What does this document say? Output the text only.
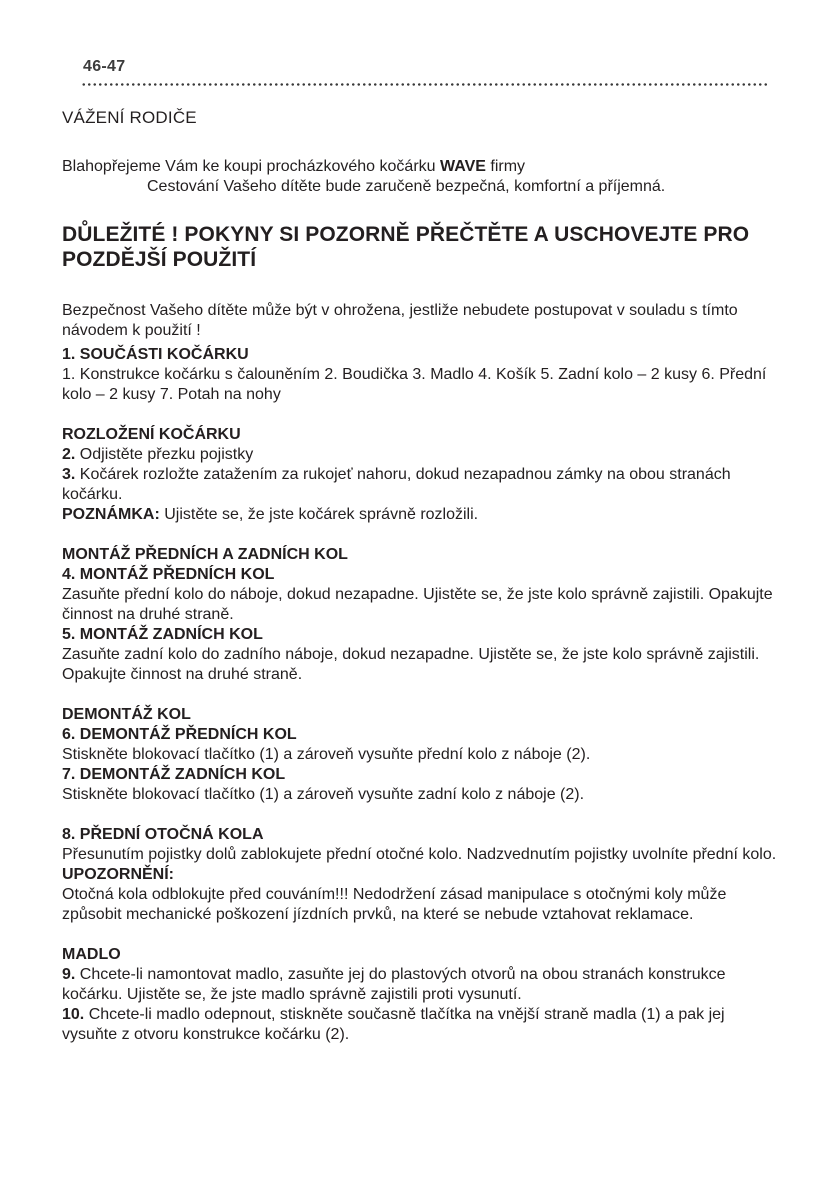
46-47

VÁŽENÍ RODIČE

Blahopřejeme Vám ke koupi procházkového kočárku WAVE firmy

Cestování Vašeho dítěte bude zaručeně bezpečná, komfortní a příjemná.

DŮLEŽITÉ ! POKYNY SI POZORNĚ PŘEČTĚTE A USCHOVEJTE PRO POZDĚJŠÍ POUŽITÍ

Bezpečnost Vašeho dítěte může být v ohrožena, jestliže nebudete postupovat v souladu s tímto návodem k použití !

1. SOUČÁSTI KOČÁRKU

1. Konstrukce kočárku s čalouněním 2. Boudička 3. Madlo 4. Košík 5. Zadní kolo – 2 kusy 6. Přední kolo – 2 kusy 7. Potah na nohy

ROZLOŽENÍ KOČÁRKU

2. Odjistěte přezku pojistky

3. Kočárek rozložte zatažením za rukojeť nahoru, dokud nezapadnou zámky na obou stranách kočárku.

POZNÁMKA: Ujistěte se, že jste kočárek správně rozložili.

MONTÁŽ PŘEDNÍCH A ZADNÍCH KOL
4. MONTÁŽ PŘEDNÍCH KOL

Zasuňte přední kolo do náboje, dokud nezapadne. Ujistěte se, že jste kolo správně zajistili. Opakujte činnost na druhé straně.

5. MONTÁŽ ZADNÍCH KOL

Zasuňte zadní kolo do zadního náboje, dokud nezapadne. Ujistěte se, že jste kolo správně zajistili. Opakujte činnost na druhé straně.

DEMONTÁŽ KOL
6. DEMONTÁŽ PŘEDNÍCH KOL

Stiskněte blokovací tlačítko (1) a zároveň vysuňte přední kolo z náboje (2).

7. DEMONTÁŽ ZADNÍCH KOL

Stiskněte blokovací tlačítko (1) a zároveň vysuňte zadní kolo z náboje (2).

8. PŘEDNÍ OTOČNÁ KOLA

Přesunutím pojistky dolů zablokujete přední otočné kolo. Nadzvednutím pojistky uvolníte přední kolo.

UPOZORNĚNÍ:

Otočná kola odblokujte před couváním!!! Nedodržení zásad manipulace s otočnými koly může způsobit mechanické poškození jízdních prvků, na které se nebude vztahovat reklamace.

MADLO

9. Chcete-li namontovat madlo, zasuňte jej do plastových otvorů na obou stranách konstrukce kočárku. Ujistěte se, že jste madlo správně zajistili proti vysunutí.

10. Chcete-li madlo odepnout, stiskněte současně tlačítka na vnější straně madla (1) a pak jej vysuňte z otvoru konstrukce kočárku (2).
